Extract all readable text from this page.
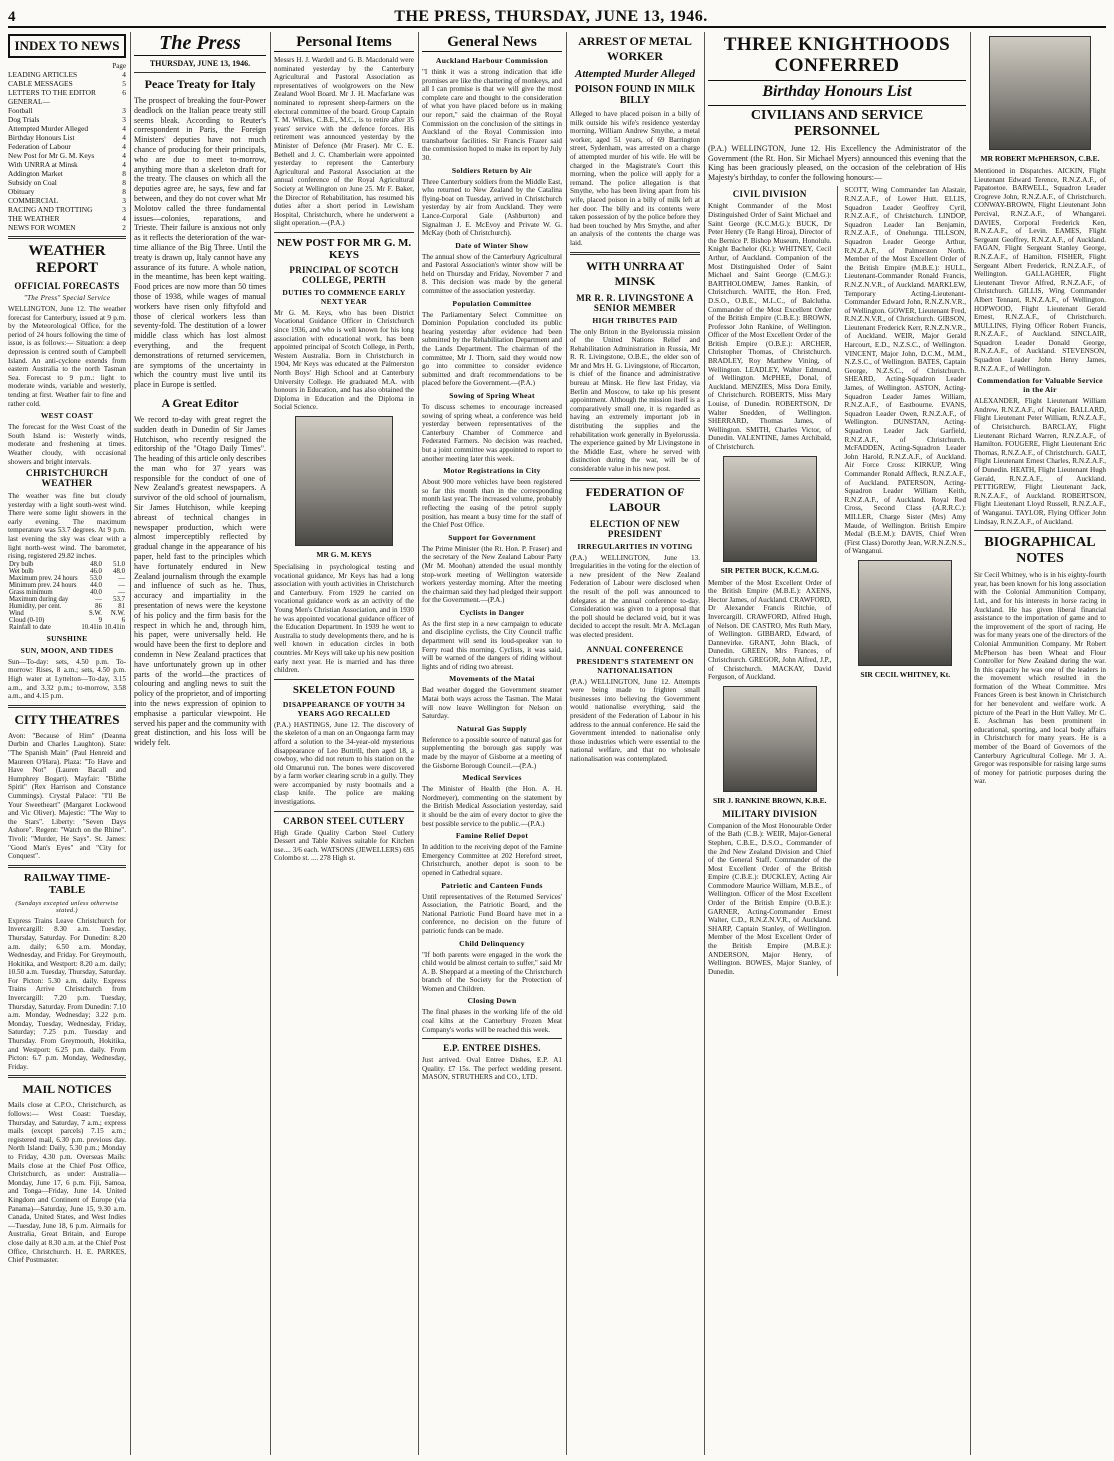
4	THE PRESS, THURSDAY, JUNE 13, 1946.
INDEX TO NEWS
Page
LEADING ARTICLES	4
CABLE MESSAGES	5
LETTERS TO THE EDITOR	6
GENERAL—
Football	3
Dog Trials	3
Attempted Murder Alleged	4
Birthday Honours List	4
Federation of Labour	4
New Post for Mr G. M. Keys	4
With UNRRA at Minsk	4
Addington Market	8
Subsidy on Coal	8
Obituary	8
COMMERCIAL	3
RACING AND TROTTING	3
THE WEATHER	4
NEWS FOR WOMEN	2
WEATHER REPORT
OFFICIAL FORECASTS
"The Press" Special Service

WELLINGTON, June 12. The weather forecast for Canterbury, issued at 9 p.m. by the Meteorological Office, for the period of 24 hours following the time of issue, is as follows:— Situation: a deep depression is centred south of Campbell Island. An anti-cyclone extends from eastern Australia to the north Tasman Sea. Forecast to 9 p.m.: light to moderate winds, variable and westerly, tending at first. Weather fair to fine and rather cold.

WEST COAST

The forecast for the West Coast of the South Island is: Westerly winds, moderate and freshening at times. Weather cloudy, with occasional showers and bright intervals.

CHRISTCHURCH WEATHER

The weather was fine but cloudy yesterday with a light south-west wind. There were some light showers in the early evening. The maximum temperature was 53.7 degrees. At 9 p.m. last evening the sky was clear with a light north-west wind. The barometer, rising, registered 29.82 inches.

Dry bulb	48.0	51.0
Wet bulb	46.0	48.0
Maximum prev. 24 hours	53.0	—
Minimum prev. 24 hours	44.0	—
Grass minimum	40.0	—
Maximum during day	—	53.7
Humidity, per cent.	86	81
Wind	S.W.	N.W.
Cloud (0-10)	9	6
Rainfall to date	10.41in	10.41in
SUNSHINE
SUN, MOON, AND TIDES

Sun—To-day: sets, 4.50 p.m. To-morrow: Rises, 8 a.m.; sets, 4.50 p.m. High water at Lyttelton—To-day, 3.15 a.m., and 3.32 p.m.; to-morrow, 3.58 a.m., and 4.15 p.m.

CITY THEATRES

Avon: "Because of Him" (Deanna Durbin and Charles Laughton). State: "The Spanish Main" (Paul Henreid and Maureen O'Hara). Plaza: "To Have and Have Not" (Lauren Bacall and Humphrey Bogart). Mayfair: "Blithe Spirit" (Rex Harrison and Constance Cummings). Crystal Palace: "I'll Be Your Sweetheart" (Margaret Lockwood and Vic Oliver). Majestic: "The Way to the Stars". Liberty: "Seven Days Ashore". Regent: "Watch on the Rhine". Tivoli: "Murder, He Says". St. James: "Good Man's Eyes" and "City for Conquest".

RAILWAY TIME-TABLE
(Sundays excepted unless otherwise stated.)

Express Trains Leave Christchurch for Invercargill: 8.30 a.m. Tuesday, Thursday, Saturday. For Dunedin: 8.20 a.m. daily; 6.50 a.m. Monday, Wednesday, and Friday. For Greymouth, Hokitika, and Westport: 8.20 a.m. daily; 10.50 a.m. Tuesday, Thursday, Saturday. For Picton: 5.30 a.m. daily. Express Trains Arrive Christchurch from Invercargill: 7.20 p.m. Tuesday, Thursday, Saturday. From Dunedin: 7.10 a.m. Monday, Wednesday; 3.22 p.m. Monday, Tuesday, Wednesday, Friday, Saturday; 7.25 p.m. Tuesday and Thursday. From Greymouth, Hokitika, and Westport: 6.25 p.m. daily. From Picton: 6.7 p.m. Monday, Wednesday, Friday.

MAIL NOTICES

Mails close at C.P.O., Christchurch, as follows:— West Coast: Tuesday, Thursday, and Saturday, 7 a.m.; express mails (except parcels) 7.15 a.m.; registered mail, 6.30 p.m. previous day. North Island: Daily, 5.30 p.m.; Monday to Friday, 4.30 p.m. Overseas Mails: Mails close at the Chief Post Office, Christchurch, as under: Australia—Monday, June 17, 6 p.m. Fiji, Samoa, and Tonga—Friday, June 14. United Kingdom and Continent of Europe (via Panama)—Saturday, June 15, 9.30 a.m. Canada, United States, and West Indies—Tuesday, June 18, 6 p.m. Airmails for Australia, Great Britain, and Europe close daily at 8.30 a.m. at the Chief Post Office, Christchurch. H. E. PARKES, Chief Postmaster.

The Press
THURSDAY, JUNE 13, 1946.
Peace Treaty for Italy

The prospect of breaking the four-Power deadlock on the Italian peace treaty still seems bleak. According to Reuter's correspondent in Paris, the Foreign Ministers' deputies have not much chance of producing for their principals, who are due to meet to-morrow, anything more than a skeleton draft for the treaty. The clauses on which all the deputies agree are, he says, few and far between, and they do not cover what Mr Molotov called the three fundamental issues—colonies, reparations, and Trieste. Their failure is anxious not only as it reflects the deterioration of the war-time alliance of the Big Three. Until the treaty is drawn up, Italy cannot have any assurance of its future. A whole nation, in the meantime, has been kept waiting. Food prices are now more than 50 times those of 1938, while wages of manual workers have risen only fiftyfold and those of clerical workers less than seventy-fold. The destitution of a lower middle class which has lost almost everything, and the frequent demonstrations of returned servicemen, are symptoms of the uncertainty in which the country must live until its place in Europe is settled.

A Great Editor

We record to-day with great regret the sudden death in Dunedin of Sir James Hutchison, who recently resigned the editorship of the "Otago Daily Times". The heading of this article only describes the man who for 37 years was responsible for the conduct of one of New Zealand's greatest newspapers. A survivor of the old school of journalism, Sir James Hutchison, while keeping abreast of technical changes in newspaper production, which were almost imperceptibly reflected by gradual change in the appearance of his paper, held fast to the principles which have fortunately endured in New Zealand journalism through the example and influence of such as he. Thus, accuracy and impartiality in the presentation of news were the keystone of his policy and the firm basis for the respect in which he and, through him, his paper, were universally held. He would have been the first to deplore and condemn in New Zealand practices that have unfortunately grown up in other parts of the world—the practices of colouring and angling news to suit the policy of the proprietor, and of importing into the news expression of opinion to emphasise a particular viewpoint. He served his paper and the community with great distinction, and his loss will be widely felt.

Personal Items

Messrs H. J. Wardell and G. B. Macdonald were nominated yesterday by the Canterbury Agricultural and Pastoral Association as representatives of woolgrowers on the New Zealand Wool Board. Mr J. H. Macfarlane was nominated to represent sheep-farmers on the electoral committee of the board. Group Captain T. M. Wilkes, C.B.E., M.C., is to retire after 35 years' service with the defence forces. His retirement was announced yesterday by the Minister of Defence (Mr Fraser). Mr C. E. Bethell and J. C. Chamberlain were appointed yesterday to represent the Canterbury Agricultural and Pastoral Association at the annual conference of the Royal Agricultural Society at Wellington on June 25. Mr F. Baker, the Director of Rehabilitation, has resumed his duties after a short period in Lewisham Hospital, Christchurch, where he underwent a slight operation.—(P.A.)

NEW POST FOR MR G. M. KEYS
PRINCIPAL OF SCOTCH COLLEGE, PERTH
DUTIES TO COMMENCE EARLY NEXT YEAR

Mr G. M. Keys, who has been District Vocational Guidance Officer in Christchurch since 1936, and who is well known for his long association with educational work, has been appointed principal of Scotch College, in Perth, Western Australia. Born in Christchurch in 1904, Mr Keys was educated at the Palmerston North Boys' High School and at Canterbury University College. He graduated M.A. with honours in Education, and has also obtained the Diploma in Education and the Diploma in Social Science.

MR G. M. KEYS

Specialising in psychological testing and vocational guidance, Mr Keys has had a long association with youth activities in Christchurch and Canterbury. From 1929 he carried on vocational guidance work as an activity of the Young Men's Christian Association, and in 1930 he was appointed vocational guidance officer of the Education Department. In 1939 he went to Australia to study developments there, and he is well known in education circles in both countries. Mr Keys will take up his new position early next year. He is married and has three children.

SKELETON FOUND
DISAPPEARANCE OF YOUTH 34 YEARS AGO RECALLED

(P.A.) HASTINGS, June 12. The discovery of the skeleton of a man on an Ongaonga farm may afford a solution to the 34-year-old mysterious disappearance of Leo Buttrill, then aged 18, a cowboy, who did not return to his station on the old Omarunui run. The bones were discovered by a farm worker clearing scrub in a gully. They were accompanied by rusty bootnails and a clasp knife. The police are making investigations.

CARBON STEEL CUTLERY

High Grade Quality Carbon Steel Cutlery Dessert and Table Knives suitable for Kitchen use.... 3/6 each. WATSONS (JEWELLERS) 695 Colombo st. .... 278 High st.

General News
Auckland Harbour Commission

"I think it was a strong indication that idle promises are like the chattering of monkeys, and all I can promise is that we will give the most complete care and thought to the consideration of what you have placed before us in making our report," said the chairman of the Royal Commission on the conclusion of the sittings in Auckland of the Royal Commission into transharbour facilities. Sir Francis Frazer said the commission hoped to make its report by July 30.

Soldiers Return by Air

Three Canterbury soldiers from the Middle East, who returned to New Zealand by the Catalina flying-boat on Tuesday, arrived in Christchurch yesterday by air from Auckland. They were Lance-Corporal Gale (Ashburton) and Signalman J. E. McEvoy and Private W. G. McKay (both of Christchurch).

Date of Winter Show

The annual show of the Canterbury Agricultural and Pastoral Association's winter show will be held on Thursday and Friday, November 7 and 8. This decision was made by the general committee of the association yesterday.

Population Committee

The Parliamentary Select Committee on Dominion Population concluded its public hearing yesterday after evidence had been submitted by the Rehabilitation Department and the Lands Department. The chairman of the committee, Mr J. Thorn, said they would now go into committee to consider evidence submitted and draft recommendations to be placed before the Government.—(P.A.)

Sowing of Spring Wheat

To discuss schemes to encourage increased sowing of spring wheat, a conference was held yesterday between representatives of the Canterbury Chamber of Commerce and Federated Farmers. No decision was reached, but a joint committee was appointed to report to another meeting later this week.

Motor Registrations in City

About 900 more vehicles have been registered so far this month than in the corresponding month last year. The increased volume, probably reflecting the easing of the petrol supply position, has meant a busy time for the staff of the Chief Post Office.

Support for Government

The Prime Minister (the Rt. Hon. P. Fraser) and the secretary of the New Zealand Labour Party (Mr M. Moohan) attended the usual monthly stop-work meeting of Wellington waterside workers yesterday morning. After the meeting the chairman said they had pledged their support for the Government.—(P.A.)

Cyclists in Danger

As the first step in a new campaign to educate and discipline cyclists, the City Council traffic department will send its loud-speaker van to Ferry road this morning. Cyclists, it was said, will be warned of the dangers of riding without lights and of riding two abreast.

Movements of the Matai

Bad weather dogged the Government steamer Matai both ways across the Tasman. The Matai will now leave Wellington for Nelson on Saturday.

Natural Gas Supply

Reference to a possible source of natural gas for supplementing the borough gas supply was made by the mayor of Gisborne at a meeting of the Gisborne Borough Council.—(P.A.)

Medical Services

The Minister of Health (the Hon. A. H. Nordmeyer), commenting on the statement by the British Medical Association yesterday, said it should be the aim of every doctor to give the best possible service to the public.—(P.A.)

Famine Relief Depot

In addition to the receiving depot of the Famine Emergency Committee at 202 Hereford street, Christchurch, another depot is soon to be opened in Cathedral square.

Patriotic and Canteen Funds

Until representatives of the Returned Services' Association, the Patriotic Board, and the National Patriotic Fund Board have met in a conference, no decision on the future of patriotic funds can be made.

Child Delinquency

"If both parents were engaged in the work the child would be almost certain to suffer," said Mr A. B. Sheppard at a meeting of the Christchurch branch of the Society for the Protection of Women and Children.

Closing Down

The final phases in the working life of the old coal kilns at the Canterbury Frozen Meat Company's works will be reached this week.

E.P. ENTREE DISHES.

Just arrived. Oval Entree Dishes, E.P. A1 Quality. £7 15s. The perfect wedding present. MASON, STRUTHERS and CO., LTD.

ARREST OF METAL WORKER
Attempted Murder Alleged
POISON FOUND IN MILK BILLY

Alleged to have placed poison in a billy of milk outside his wife's residence yesterday morning, William Andrew Smythe, a metal worker, aged 51 years, of 69 Barrington street, Sydenham, was arrested on a charge of attempted murder of his wife. He will be charged in the Magistrate's Court this morning, when the police will apply for a remand. The police allegation is that Smythe, who has been living apart from his wife, placed poison in a billy of milk left at her door. The billy and its contents were taken possession of by the police before they had been touched by Mrs Smythe, and after an analysis of the contents the charge was laid.

WITH UNRRA AT MINSK
MR R. R. LIVINGSTONE A SENIOR MEMBER
HIGH TRIBUTES PAID

The only Briton in the Byelorussia mission of the United Nations Relief and Rehabilitation Administration in Russia, Mr R. R. Livingstone, O.B.E., the elder son of Mr and Mrs H. G. Livingstone, of Riccarton, is chief of the finance and administrative bureau at Minsk. He flew last Friday, via Berlin and Moscow, to take up his present appointment. Although the mission itself is a comparatively small one, it is regarded as having an extremely important job in distributing the supplies and the rehabilitation work generally in Byelorussia. The experience gained by Mr Livingstone in the Middle East, where he served with distinction during the war, will be of considerable value in his new post.

FEDERATION OF LABOUR
ELECTION OF NEW PRESIDENT
IRREGULARITIES IN VOTING

(P.A.) WELLINGTON, June 13. Irregularities in the voting for the election of a new president of the New Zealand Federation of Labour were disclosed when the result of the poll was announced to delegates at the annual conference to-day. Consideration was given to a proposal that the poll should be declared void, but it was decided to accept the result. Mr A. McLagan was elected president.

ANNUAL CONFERENCE
PRESIDENT'S STATEMENT ON NATIONALISATION

(P.A.) WELLINGTON, June 12. Attempts were being made to frighten small businesses into believing the Government would nationalise everything, said the president of the Federation of Labour in his address to the annual conference. He said the Government intended to nationalise only those industries which were essential to the national welfare, and that no wholesale nationalisation was contemplated.

THREE KNIGHTHOODS CONFERRED
Birthday Honours List
CIVILIANS AND SERVICE PERSONNEL

(P.A.) WELLINGTON, June 12. His Excellency the Administrator of the Government (the Rt. Hon. Sir Michael Myers) announced this evening that the King has been graciously pleased, on the occasion of the celebration of His Majesty's birthday, to confer the following honours:—

CIVIL DIVISION

Knight Commander of the Most Distinguished Order of Saint Michael and Saint George (K.C.M.G.): BUCK, Dr Peter Henry (Te Rangi Hiroa), Director of the Bernice P. Bishop Museum, Honolulu. Knight Bachelor (Kt.): WHITNEY, Cecil Arthur, of Auckland. Companion of the Most Distinguished Order of Saint Michael and Saint George (C.M.G.): BARTHOLOMEW, James Rankin, of Christchurch. WAITE, the Hon. Fred, D.S.O., O.B.E., M.L.C., of Balclutha. Commander of the Most Excellent Order of the British Empire (C.B.E.): BROWN, Professor John Rankine, of Wellington. Officer of the Most Excellent Order of the British Empire (O.B.E.): ARCHER, Christopher Thomas, of Christchurch. BRADLEY, Roy Matthew Vining, of Wellington. LEADLEY, Walter Edmund, of Wellington. McPHEE, Donal, of Auckland. MENZIES, Miss Dora Emily, of Christchurch. ROBERTS, Miss Mary Louise, of Dunedin. ROBERTSON, Dr Walter Snedden, of Wellington. SHERRARD, Thomas James, of Wellington. SMITH, Charles Victor, of Dunedin. VALENTINE, James Archibald, of Christchurch.

SIR PETER BUCK, K.C.M.G.

Member of the Most Excellent Order of the British Empire (M.B.E.): AXENS, Hector James, of Auckland. CRAWFORD, Dr Alexander Francis Ritchie, of Invercargill. CRAWFORD, Alfred Hugh, of Nelson. DE CASTRO, Mrs Ruth Mary, of Wellington. GIBBARD, Edward, of Dannevirke. GRANT, John Black, of Dunedin. GREEN, Mrs Frances, of Christchurch. GREGOR, John Alfred, J.P., of Christchurch. MACKAY, David Ferguson, of Auckland.

SIR J. RANKINE BROWN, K.B.E.
MILITARY DIVISION

Companion of the Most Honourable Order of the Bath (C.B.): WEIR, Major-General Stephen, C.B.E., D.S.O., Commander of the 2nd New Zealand Division and Chief of the General Staff. Commander of the Most Excellent Order of the British Empire (C.B.E.): DUCKLEY, Acting Air Commodore Maurice William, M.B.E., of Wellington. Officer of the Most Excellent Order of the British Empire (O.B.E.): GARNER, Acting-Commander Ernest Walter, C.D., R.N.Z.N.V.R., of Auckland. SHARP, Captain Stanley, of Wellington. Member of the Most Excellent Order of the British Empire (M.B.E.): ANDERSON, Major Henry, of Wellington. BOWES, Major Stanley, of Dunedin.

SCOTT, Wing Commander Ian Alastair, R.N.Z.A.F., of Lower Hutt. ELLIS, Squadron Leader Geoffrey Cyril, R.N.Z.A.F., of Christchurch. LINDOP, Squadron Leader Ian Benjamin, R.N.Z.A.F., of Onehunga. TILLSON, Squadron Leader George Arthur, R.N.Z.A.F., of Palmerston North. Member of the Most Excellent Order of the British Empire (M.B.E.): HULL, Lieutenant-Commander Ronald Francis, R.N.Z.N.V.R., of Auckland. MARKLEW, Temporary Acting-Lieutenant-Commander Edward John, R.N.Z.N.V.R., of Wellington. GOWER, Lieutenant Fred, R.N.Z.N.V.R., of Christchurch. GIBSON, Lieutenant Frederick Kerr, R.N.Z.N.V.R., of Auckland. WEIR, Major Gerald Harcourt, E.D., N.Z.S.C., of Wellington. VINCENT, Major John, D.C.M., M.M., N.Z.S.C., of Wellington. BATES, Captain George, N.Z.S.C., of Christchurch. SHEARD, Acting-Squadron Leader James, of Wellington. ASTON, Acting-Squadron Leader James William, R.N.Z.A.F., of Eastbourne. EVANS, Squadron Leader Owen, R.N.Z.A.F., of Wellington. DUNSTAN, Acting-Squadron Leader Jack Garfield, R.N.Z.A.F., of Christchurch. McFADDEN, Acting-Squadron Leader John Harold, R.N.Z.A.F., of Auckland. Air Force Cross: KIRKUP, Wing Commander Ronald Affleck, R.N.Z.A.F., of Auckland. PATERSON, Acting-Squadron Leader William Keith, R.N.Z.A.F., of Auckland. Royal Red Cross, Second Class (A.R.R.C.): MILLER, Charge Sister (Mrs) Amy Maude, of Wellington. British Empire Medal (B.E.M.): DAVIS, Chief Wren (First Class) Dorothy Jean, W.R.N.Z.N.S., of Wanganui.

SIR CECIL WHITNEY, Kt.
MR ROBERT McPHERSON, C.B.E.

Mentioned in Dispatches. AICKIN, Flight Lieutenant Edward Terence, R.N.Z.A.F., of Papatoetoe. BARWELL, Squadron Leader Crogreve John, R.N.Z.A.F., of Christchurch. CONWAY-BROWN, Flight Lieutenant John Percival, R.N.Z.A.F., of Whangarei. DAVIES, Corporal Frederick Ken, R.N.Z.A.F., of Levin. EAMES, Flight Sergeant Geoffrey, R.N.Z.A.F., of Auckland. FAGAN, Flight Sergeant Stanley George, R.N.Z.A.F., of Hamilton. FISHER, Flight Sergeant Albert Frederick, R.N.Z.A.F., of Wellington. GALLAGHER, Flight Lieutenant Trevor Alfred, R.N.Z.A.F., of Christchurch. GILLIS, Wing Commander Albert Tennant, R.N.Z.A.F., of Wellington. HOPWOOD, Flight Lieutenant Gerald Ernest, R.N.Z.A.F., of Christchurch. MULLINS, Flying Officer Robert Francis, R.N.Z.A.F., of Auckland. SINCLAIR, Squadron Leader Donald George, R.N.Z.A.F., of Auckland. STEVENSON, Squadron Leader John Henry James, R.N.Z.A.F., of Wellington.

Commendation for Valuable Service in the Air

ALEXANDER, Flight Lieutenant William Andrew, R.N.Z.A.F., of Napier. BALLARD, Flight Lieutenant Peter William, R.N.Z.A.F., of Christchurch. BARCLAY, Flight Lieutenant Richard Warren, R.N.Z.A.F., of Hamilton. FOUGERE, Flight Lieutenant Eric Thomas, R.N.Z.A.F., of Christchurch. GALT, Flight Lieutenant Ernest Charles, R.N.Z.A.F., of Dunedin. HEATH, Flight Lieutenant Hugh Gerald, R.N.Z.A.F., of Auckland. PETTIGREW, Flight Lieutenant Jack, R.N.Z.A.F., of Auckland. ROBERTSON, Flight Lieutenant Lloyd Russell, R.N.Z.A.F., of Wanganui. TAYLOR, Flying Officer John Lindsay, R.N.Z.A.F., of Auckland.

BIOGRAPHICAL NOTES

Sir Cecil Whitney, who is in his eighty-fourth year, has been known for his long association with the Colonial Ammunition Company, Ltd., and for his interests in horse racing in Auckland. He has given liberal financial assistance to the importation of game and to the improvement of the sport of racing. He was for many years one of the directors of the Colonial Ammunition Company. Mr Robert McPherson has been Wheat and Flour Controller for New Zealand during the war. In this capacity he was one of the leaders in the movement which resulted in the formation of the Wheat Committee. Mrs Frances Green is best known in Christchurch for her benevolent and welfare work. A picture of the Pearl in the Hutt Valley. Mr C. E. Aschman has been prominent in educational, sporting, and local body affairs in Christchurch for many years. He is a member of the Board of Governors of the Canterbury Agricultural College. Mr J. A. Gregor was responsible for raising large sums of money for patriotic purposes during the war.
